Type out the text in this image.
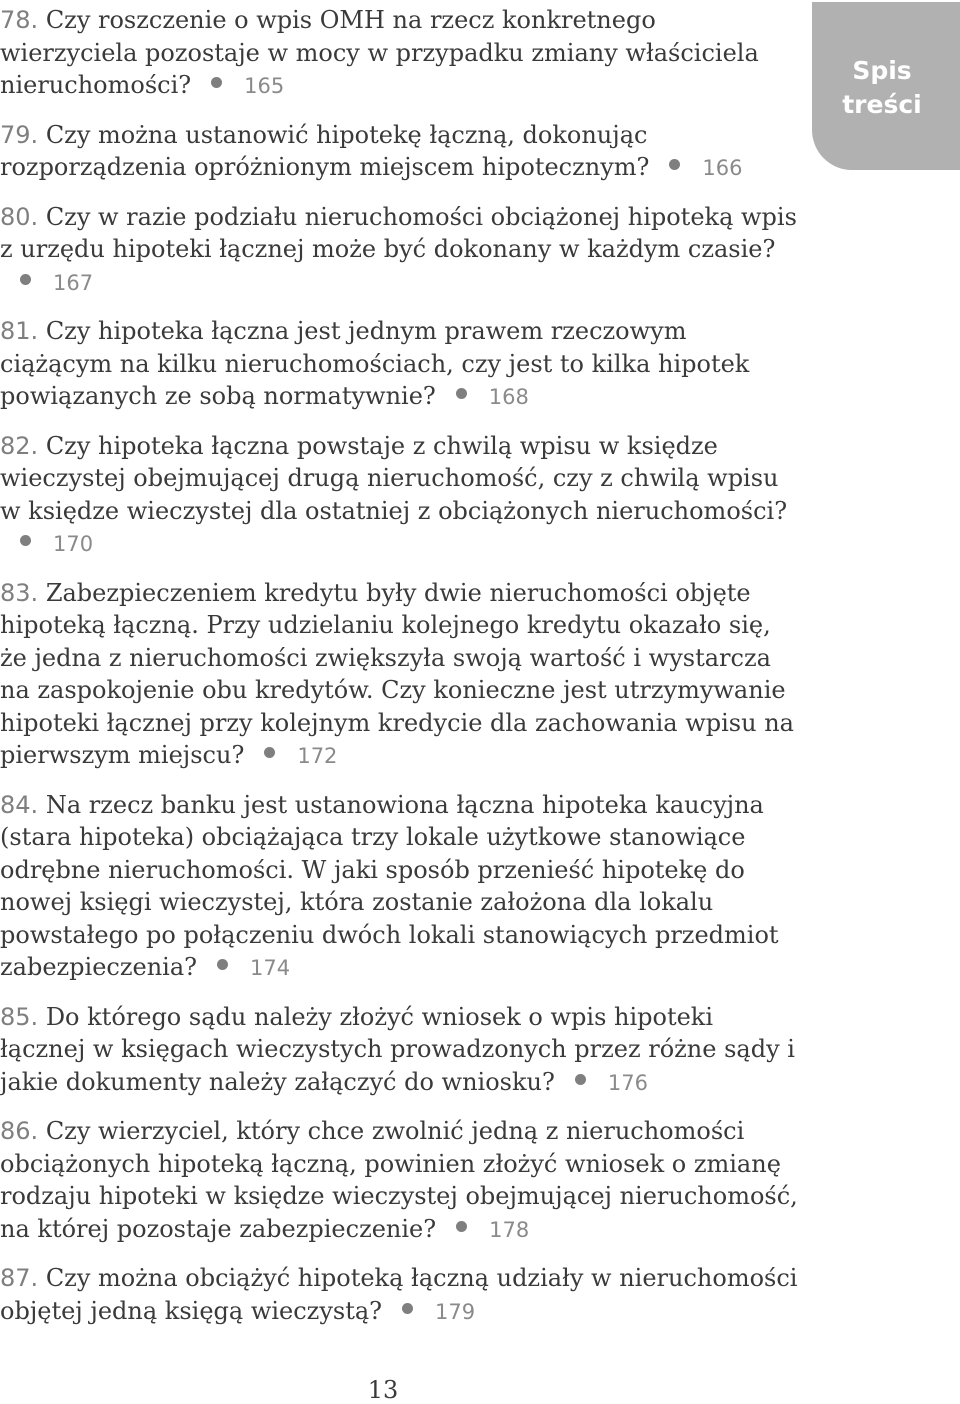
78. Czy roszczenie o wpis OMH na rzecz konkretnego wierzyciela pozostaje w mocy w przypadku zmiany właściciela nieruchomości?	165
79. Czy można ustanowić hipotekę łączną, dokonując rozporządzenia opróżnionym miejscem hipotecznym?	166
80. Czy w razie podziału nieruchomości obciążonej hipoteką wpis z urzędu hipoteki łącznej może być dokonany w każdym czasie?167
81. Czy hipoteka łączna jest jednym prawem rzeczowym ciążącym na kilku nieruchomościach, czy jest to kilka hipotek powiązanych ze sobą normatywnie?	168
82. Czy hipoteka łączna powstaje z chwilą wpisu w księdze wieczystej obejmującej drugą nieruchomość, czy z chwilą wpisu w księdze wieczystej dla ostatniej z obciążonych nieruchomości?170
83. Zabezpieczeniem kredytu były dwie nieruchomości objęte hipoteką łączną. Przy udzielaniu kolejnego kredytu okazało się, że jedna z nieruchomości zwiększyła swoją wartość i wystarcza na zaspokojenie obu kredytów. Czy konieczne jest utrzymywanie hipoteki łącznej przy kolejnym kredycie dla zachowania wpisu na pierwszym miejscu?	172
84. Na rzecz banku jest ustanowiona łączna hipoteka kaucyjna (stara hipoteka) obciążająca trzy lokale użytkowe stanowiące odrębne nieruchomości. W jaki sposób przenieść hipotekę do nowej księgi wieczystej, która zostanie założona dla lokalu powstałego po połączeniu dwóch lokali stanowiących przedmiot zabezpieczenia?	174
85. Do którego sądu należy złożyć wniosek o wpis hipoteki łącznej w księgach wieczystych prowadzonych przez różne sądy i jakie dokumenty należy załączyć do wniosku?	176
86. Czy wierzyciel, który chce zwolnić jedną z nieruchomości obciążonych hipoteką łączną, powinien złożyć wniosek o zmianę rodzaju hipoteki w księdze wieczystej obejmującej nieruchomość, na której pozostaje zabezpieczenie?	178
87. Czy można obciążyć hipoteką łączną udziały w nieruchomości objętej jedną księgą wieczystą?	179
Spis
treści
13
